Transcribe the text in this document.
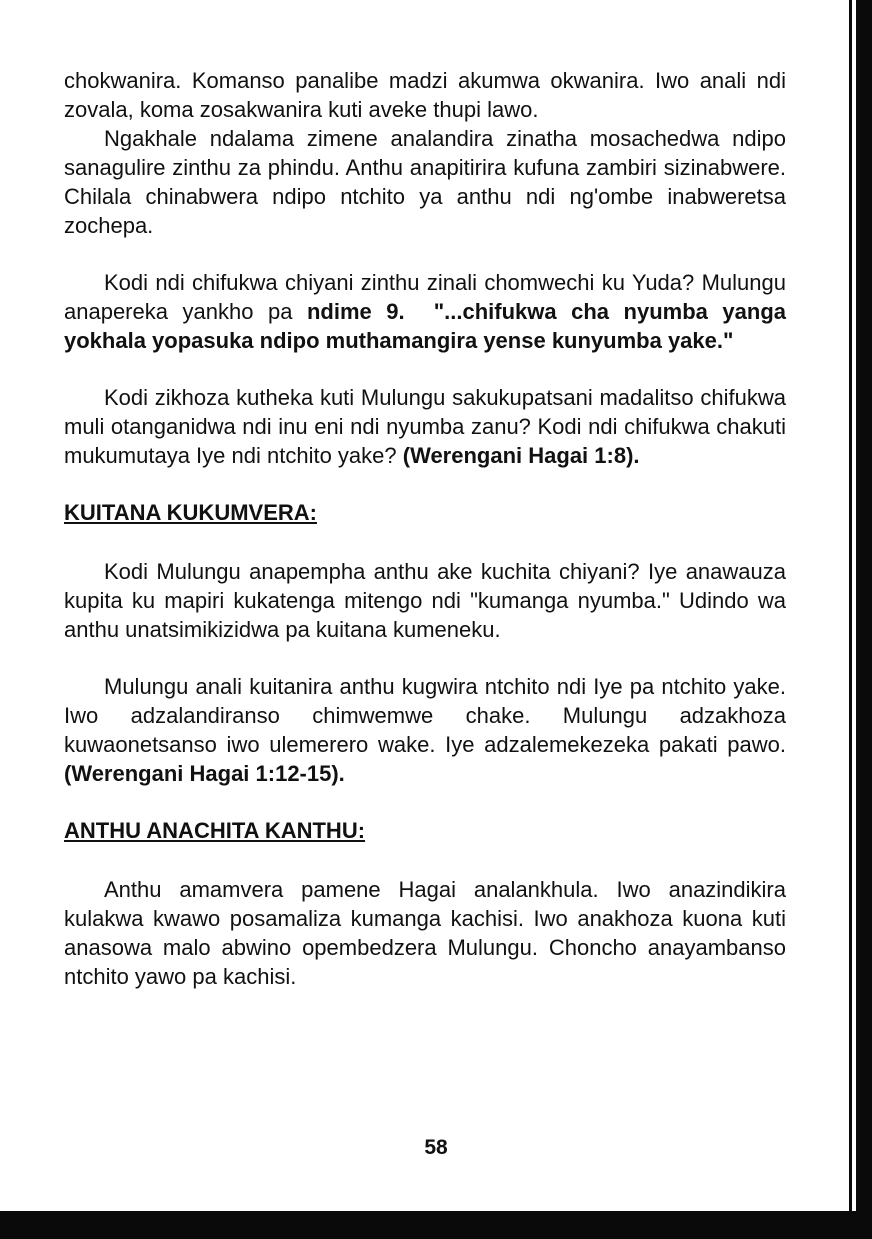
chokwanira. Komanso panalibe madzi akumwa okwanira. Iwo anali ndi zovala, koma zosakwanira kuti aveke thupi lawo.

Ngakhale ndalama zimene analandira zinatha mosachedwa ndipo sanagulire zinthu za phindu. Anthu anapitirira kufuna zambiri sizinabwere. Chilala chinabwera ndipo ntchito ya anthu ndi ng'ombe inabweretsa zochepa.

Kodi ndi chifukwa chiyani zinthu zinali chomwechi ku Yuda? Mulungu anapereka yankho pa ndime 9. "...chifukwa cha nyumba yanga yokhala yopasuka ndipo muthamangira yense kunyumba yake."

Kodi zikhoza kutheka kuti Mulungu sakukupatsani madalitso chifukwa muli otanganidwa ndi inu eni ndi nyumba zanu? Kodi ndi chifukwa chakuti mukumutaya Iye ndi ntchito yake? (Werengani Hagai 1:8).

KUITANA KUKUMVERA:

Kodi Mulungu anapempha anthu ake kuchita chiyani? Iye anawauza kupita ku mapiri kukatenga mitengo ndi "kumanga nyumba." Udindo wa anthu unatsimikizidwa pa kuitana kumeneku.

Mulungu anali kuitanira anthu kugwira ntchito ndi Iye pa ntchito yake. Iwo adzalandiranso chimwemwe chake. Mulungu adzakhoza kuwaonetsanso iwo ulemerero wake. Iye adzalemekezeka pakati pawo. (Werengani Hagai 1:12-15).

ANTHU ANACHITA KANTHU:

Anthu amamvera pamene Hagai analankhula. Iwo anazindikira kulakwa kwawo posamaliza kumanga kachisi. Iwo anakhoza kuona kuti anasowa malo abwino opembedzera Mulungu. Choncho anayambanso ntchito yawo pa kachisi.

58
